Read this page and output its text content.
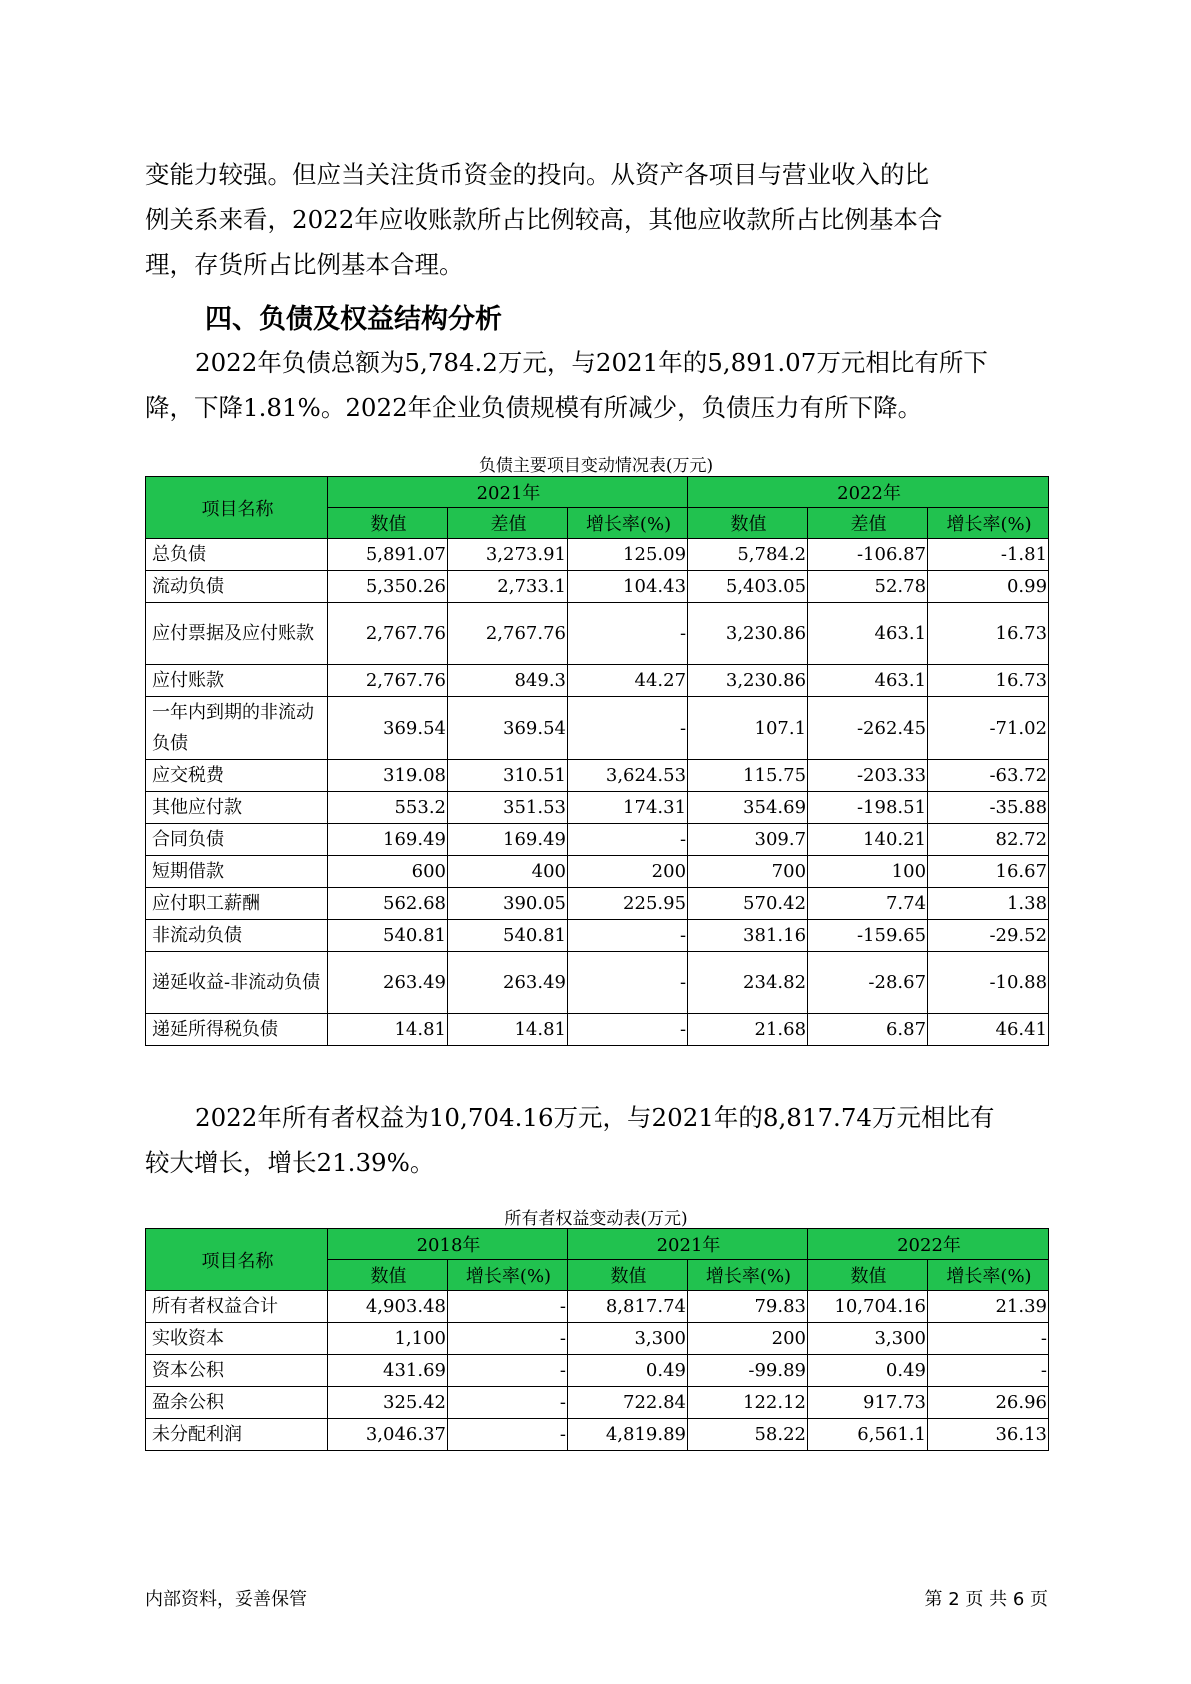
变能力较强。但应当关注货币资金的投向。从资产各项目与营业收入的比
例关系来看，2022年应收账款所占比例较高，其他应收款所占比例基本合
理，存货所占比例基本合理。

四、负债及权益结构分析

2022年负债总额为5,784.2万元，与2021年的5,891.07万元相比有所下
降，下降1.81%。2022年企业负债规模有所减少，负债压力有所下降。

负债主要项目变动情况表(万元)

项目名称	2021年			2022年		
	数值	差值	增长率(%)	数值	差值	增长率(%)
总负债	5,891.07	3,273.91	125.09	5,784.2	-106.87	-1.81
流动负债	5,350.26	2,733.1	104.43	5,403.05	52.78	0.99
应付票据及应付账款	2,767.76	2,767.76	-	3,230.86	463.1	16.73
应付账款	2,767.76	849.3	44.27	3,230.86	463.1	16.73
一年内到期的非流动负债	369.54	369.54	-	107.1	-262.45	-71.02
应交税费	319.08	310.51	3,624.53	115.75	-203.33	-63.72
其他应付款	553.2	351.53	174.31	354.69	-198.51	-35.88
合同负债	169.49	169.49	-	309.7	140.21	82.72
短期借款	600	400	200	700	100	16.67
应付职工薪酬	562.68	390.05	225.95	570.42	7.74	1.38
非流动负债	540.81	540.81	-	381.16	-159.65	-29.52
递延收益-非流动负债	263.49	263.49	-	234.82	-28.67	-10.88
递延所得税负债	14.81	14.81	-	21.68	6.87	46.41

2022年所有者权益为10,704.16万元，与2021年的8,817.74万元相比有
较大增长，增长21.39%。

所有者权益变动表(万元)

项目名称	2018年		2021年		2022年	
	数值	增长率(%)	数值	增长率(%)	数值	增长率(%)
所有者权益合计	4,903.48	-	8,817.74	79.83	10,704.16	21.39
实收资本	1,100	-	3,300	200	3,300	-
资本公积	431.69	-	0.49	-99.89	0.49	-
盈余公积	325.42	-	722.84	122.12	917.73	26.96
未分配利润	3,046.37	-	4,819.89	58.22	6,561.1	36.13

内部资料，妥善保管	第 2 页 共 6 页
